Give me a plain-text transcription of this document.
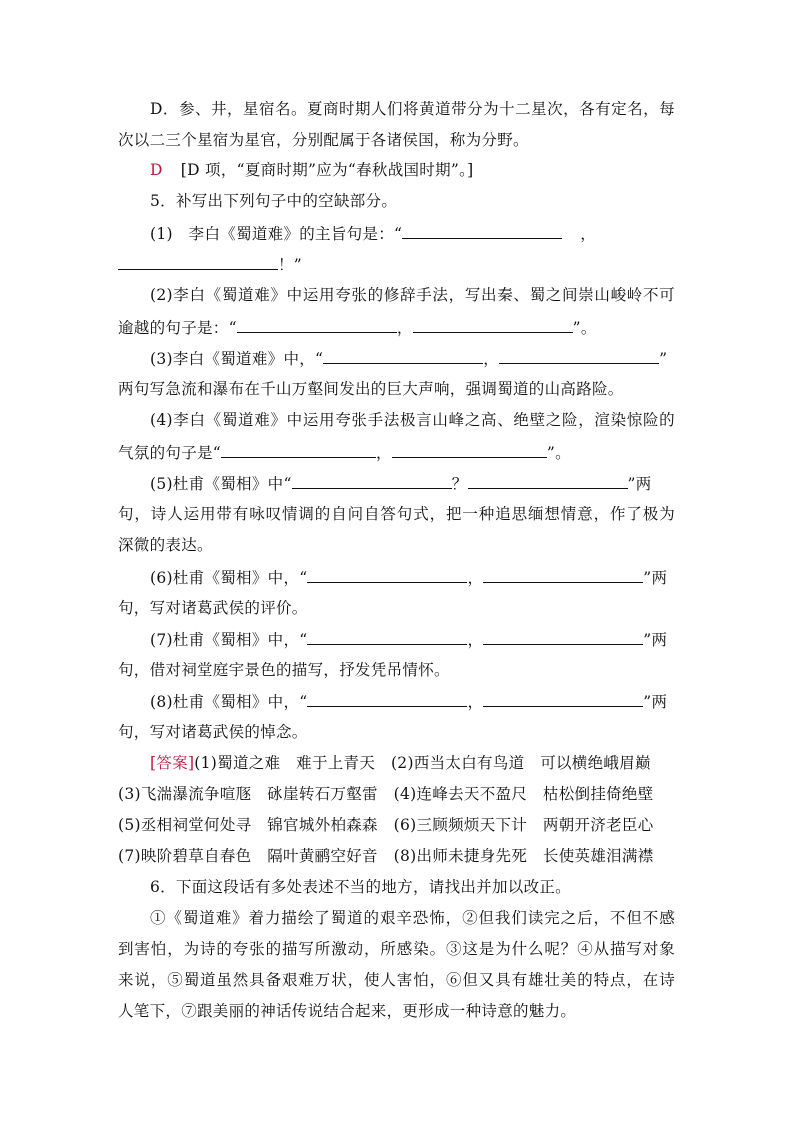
D．参、井，星宿名。夏商时期人们将黄道带分为十二星次，各有定名，每
次以二三个星宿为星官，分别配属于各诸侯国，称为分野。
D [D 项，“夏商时期”应为“春秋战国时期”。]
5．补写出下列句子中的空缺部分。
(1)　李白《蜀道难》的主旨句是：“	，
！”
(2)李白《蜀道难》中运用夸张的修辞手法，写出秦、蜀之间崇山峻岭不可
逾越的句子是：“	，	”。
(3)李白《蜀道难》中，“	，	”
两句写急流和瀑布在千山万壑间发出的巨大声响，强调蜀道的山高路险。
(4)李白《蜀道难》中运用夸张手法极言山峰之高、绝壁之险，渲染惊险的
气氛的句子是“	，	”。
(5)杜甫《蜀相》中“	？	”两
句，诗人运用带有咏叹情调的自问自答句式，把一种追思缅想情意，作了极为
深微的表达。
(6)杜甫《蜀相》中，“	，	”两
句，写对诸葛武侯的评价。
(7)杜甫《蜀相》中，“	，	”两
句，借对祠堂庭宇景色的描写，抒发凭吊情怀。
(8)杜甫《蜀相》中，“	，	”两
句，写对诸葛武侯的悼念。
[答案](1)蜀道之难　难于上青天　(2)西当太白有鸟道　可以横绝峨眉巅
(3)飞湍瀑流争喧豗　砯崖转石万壑雷　(4)连峰去天不盈尺　枯松倒挂倚绝壁
(5)丞相祠堂何处寻　锦官城外柏森森　(6)三顾频烦天下计　两朝开济老臣心
(7)映阶碧草自春色　隔叶黄鹂空好音　(8)出师未捷身先死　长使英雄泪满襟
6．下面这段话有多处表述不当的地方，请找出并加以改正。
①《蜀道难》着力描绘了蜀道的艰辛恐怖，②但我们读完之后，不但不感
到害怕，为诗的夸张的描写所激动，所感染。③这是为什么呢？④从描写对象
来说，⑤蜀道虽然具备艰难万状，使人害怕，⑥但又具有雄壮美的特点，在诗
人笔下，⑦跟美丽的神话传说结合起来，更形成一种诗意的魅力。
